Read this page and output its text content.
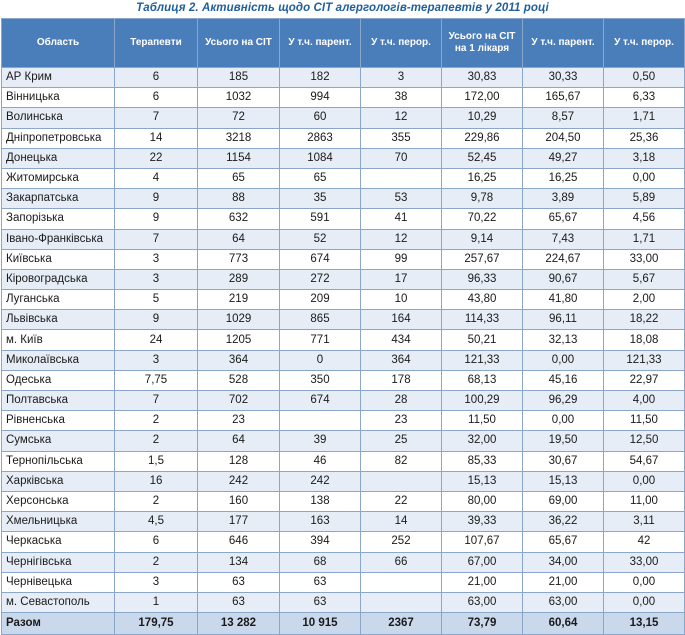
Таблиця 2. Активність щодо СІТ алергологів-терапевтів у 2011 році
Область	Терапевти	Усього на СІТ	У т.ч. парент.	У т.ч. перор.	Усього на СІТ на 1 лікаря	У т.ч. парент.	У т.ч. перор.
АР Крим	6	185	182	3	30,83	30,33	0,50
Вінницька	6	1032	994	38	172,00	165,67	6,33
Волинська	7	72	60	12	10,29	8,57	1,71
Дніпропетровська	14	3218	2863	355	229,86	204,50	25,36
Донецька	22	1154	1084	70	52,45	49,27	3,18
Житомирська	4	65	65		16,25	16,25	0,00
Закарпатська	9	88	35	53	9,78	3,89	5,89
Запорізька	9	632	591	41	70,22	65,67	4,56
Івано-Франківська	7	64	52	12	9,14	7,43	1,71
Київська	3	773	674	99	257,67	224,67	33,00
Кіровоградська	3	289	272	17	96,33	90,67	5,67
Луганська	5	219	209	10	43,80	41,80	2,00
Львівська	9	1029	865	164	114,33	96,11	18,22
м. Київ	24	1205	771	434	50,21	32,13	18,08
Миколаївська	3	364	0	364	121,33	0,00	121,33
Одеська	7,75	528	350	178	68,13	45,16	22,97
Полтавська	7	702	674	28	100,29	96,29	4,00
Рівненська	2	23		23	11,50	0,00	11,50
Сумська	2	64	39	25	32,00	19,50	12,50
Тернопільська	1,5	128	46	82	85,33	30,67	54,67
Харківська	16	242	242		15,13	15,13	0,00
Херсонська	2	160	138	22	80,00	69,00	11,00
Хмельницька	4,5	177	163	14	39,33	36,22	3,11
Черкаська	6	646	394	252	107,67	65,67	42
Чернігівська	2	134	68	66	67,00	34,00	33,00
Чернівецька	3	63	63		21,00	21,00	0,00
м. Севастополь	1	63	63		63,00	63,00	0,00
Разом	179,75	13 282	10 915	2367	73,79	60,64	13,15
